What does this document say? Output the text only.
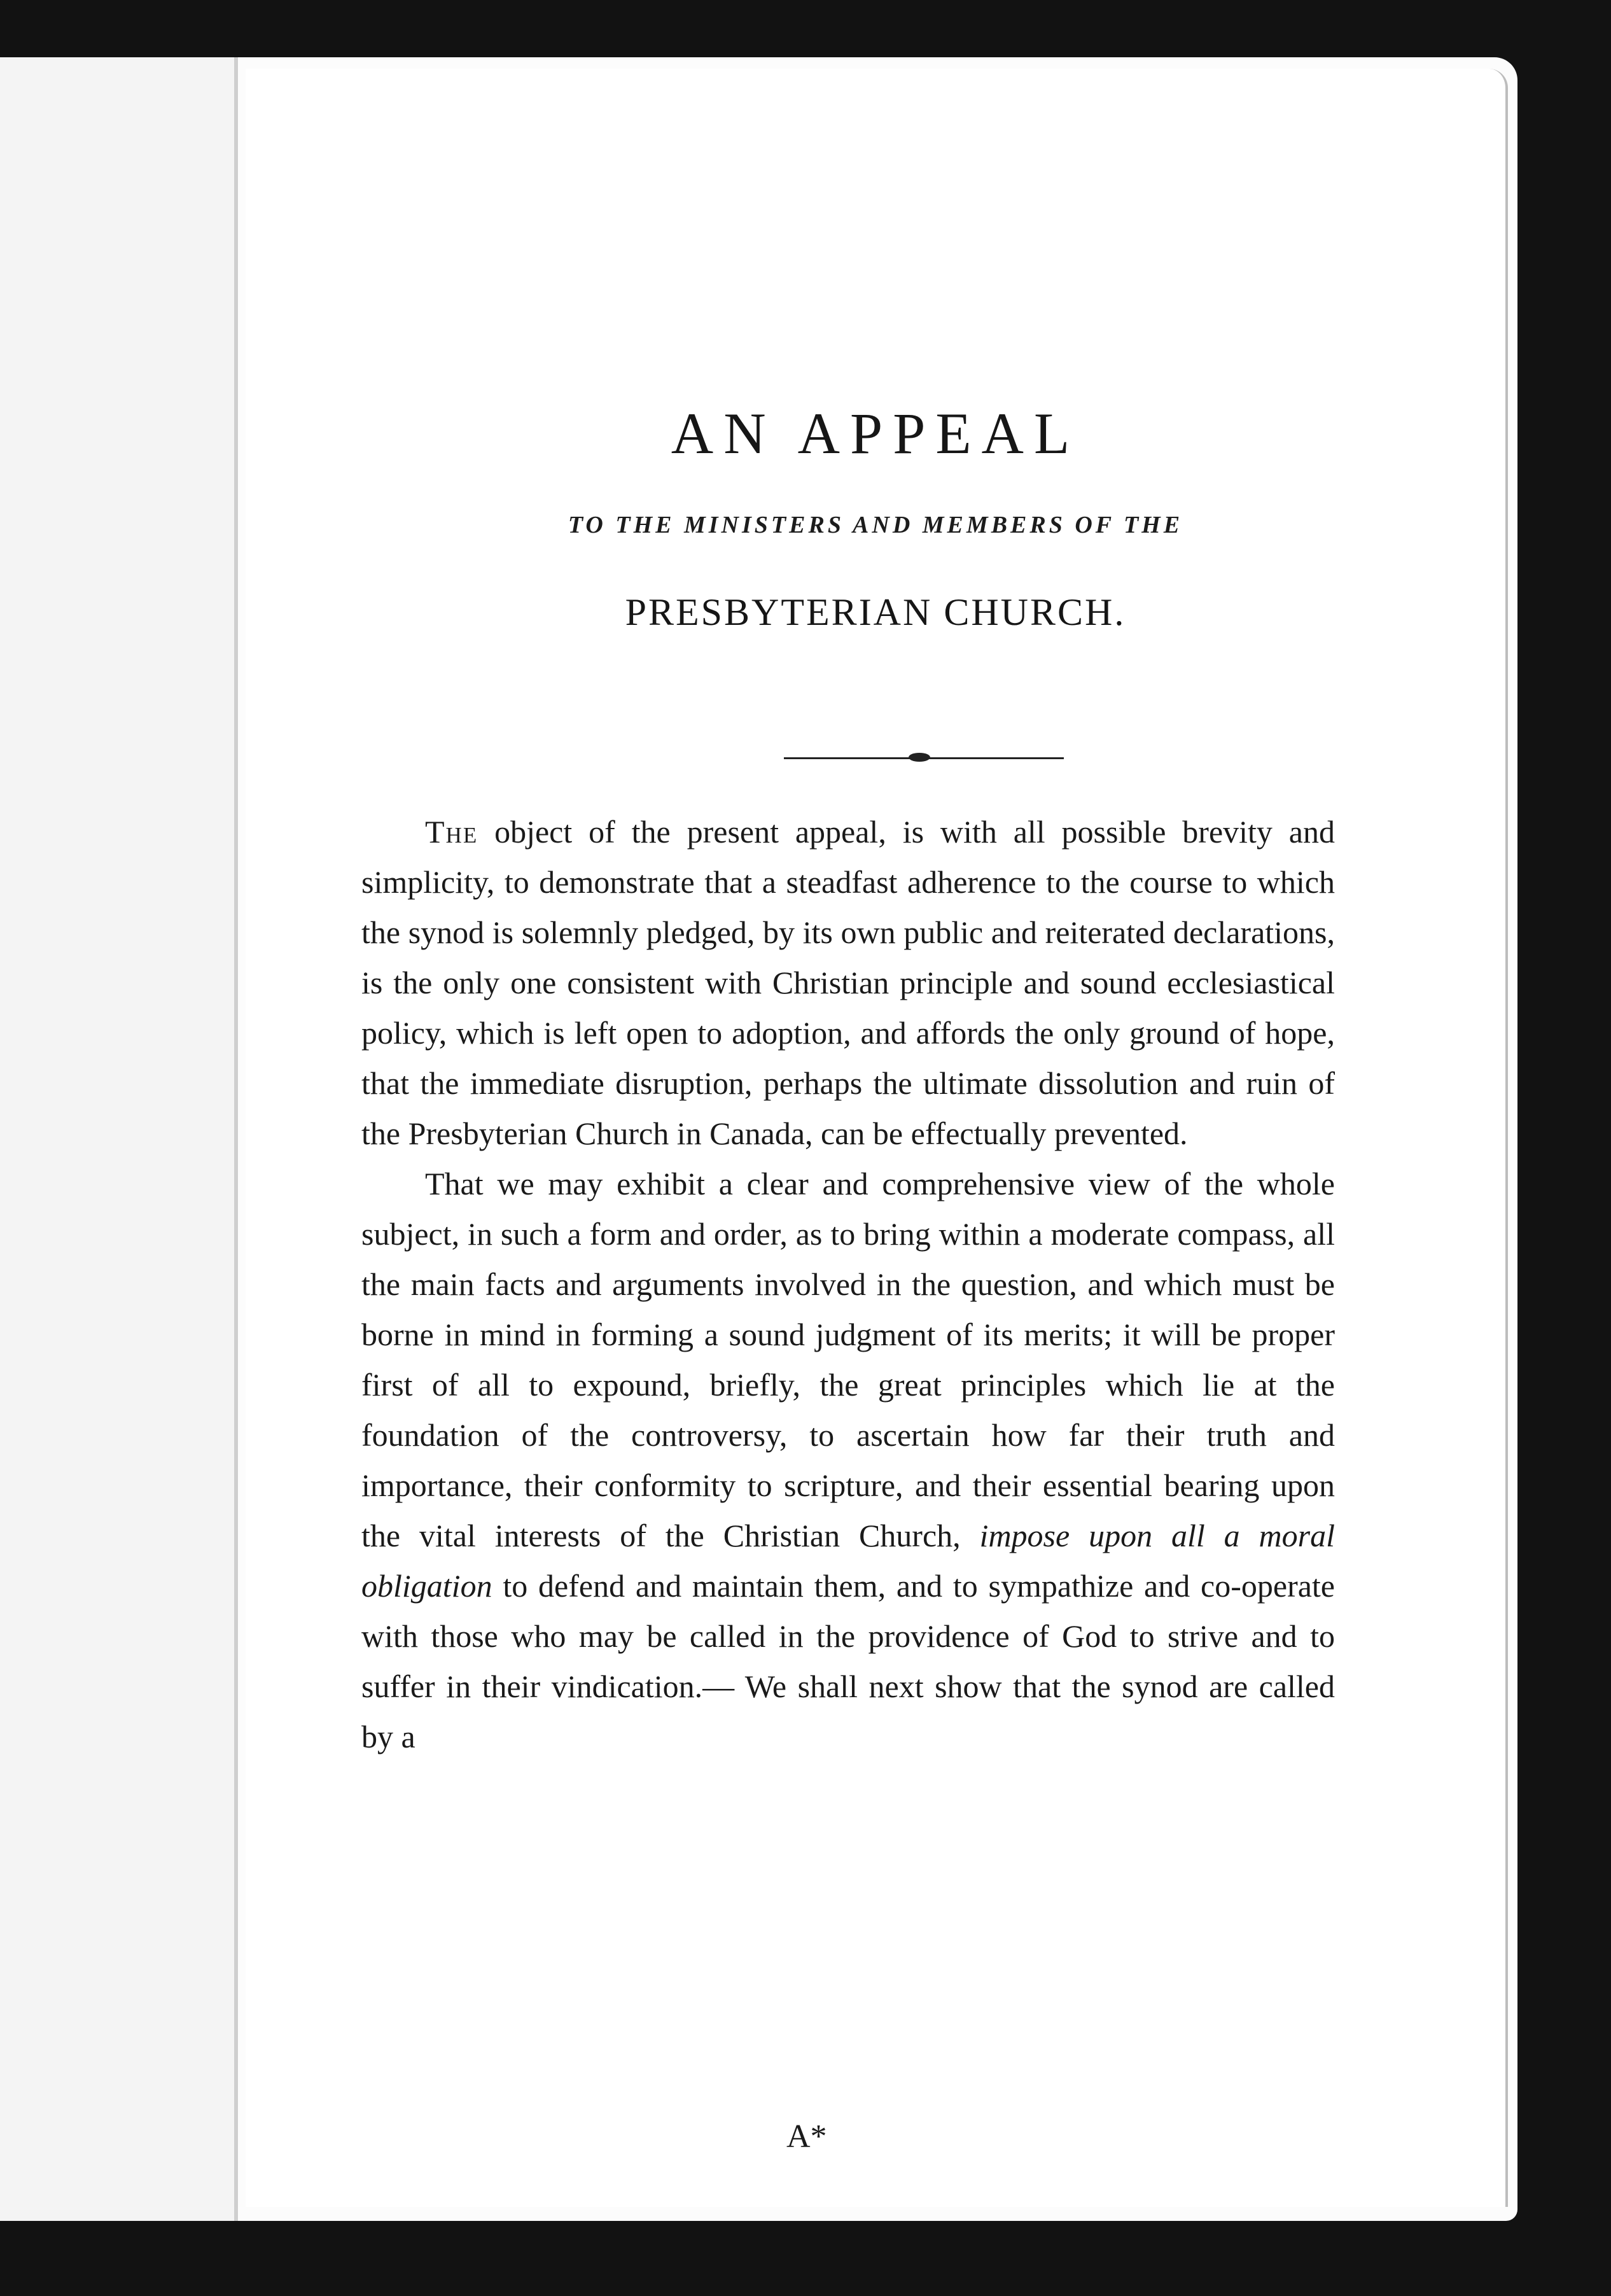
AN APPEAL
TO THE MINISTERS AND MEMBERS OF THE
PRESBYTERIAN CHURCH.

The object of the present appeal, is with all possible brevity and simplicity, to demonstrate that a steadfast adherence to the course to which the synod is solemnly pledged, by its own public and reiterated declarations, is the only one consistent with Christian principle and sound ecclesiastical policy, which is left open to adoption, and affords the only ground of hope, that the immediate disruption, perhaps the ultimate dissolution and ruin of the Presbyterian Church in Canada, can be effectually prevented.

That we may exhibit a clear and comprehensive view of the whole subject, in such a form and order, as to bring within a moderate compass, all the main facts and arguments involved in the question, and which must be borne in mind in forming a sound judgment of its merits; it will be proper first of all to expound, briefly, the great principles which lie at the foundation of the controversy, to ascertain how far their truth and importance, their conformity to scripture, and their essential bearing upon the vital interests of the Christian Church, impose upon all a moral obligation to defend and maintain them, and to sympathize and co-operate with those who may be called in the providence of God to strive and to suffer in their vindication.— We shall next show that the synod are called by a

A*
